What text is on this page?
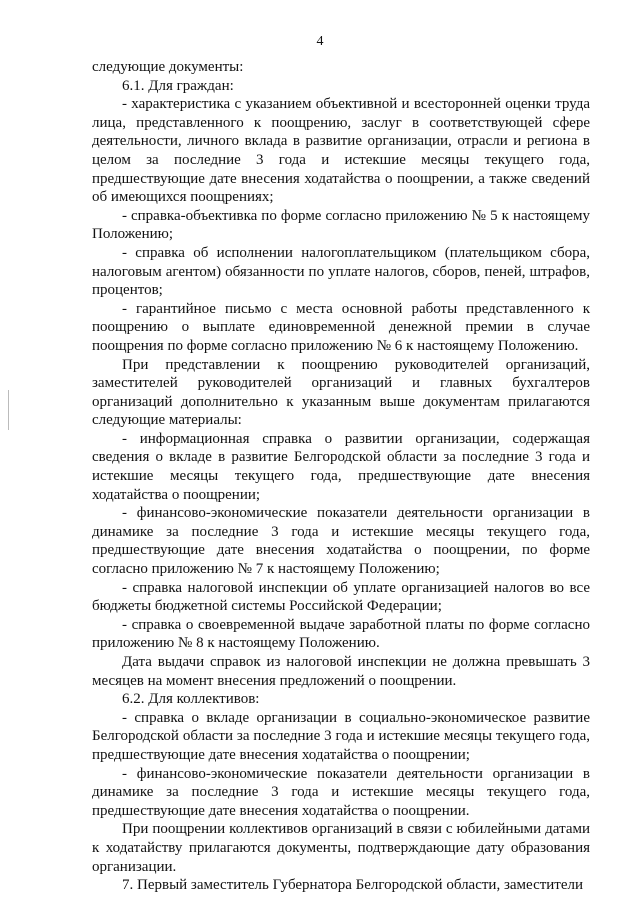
4

следующие документы:

6.1. Для граждан:

- характеристика с указанием объективной и всесторонней оценки труда лица, представленного к поощрению, заслуг в соответствующей сфере деятельности, личного вклада в развитие организации, отрасли и региона в целом за последние 3 года и истекшие месяцы текущего года, предшествующие дате внесения ходатайства о поощрении, а также сведений об имеющихся поощрениях;

- справка-объективка по форме согласно приложению № 5 к настоящему Положению;

- справка об исполнении налогоплательщиком (плательщиком сбора, налоговым агентом) обязанности по уплате налогов, сборов, пеней, штрафов, процентов;

- гарантийное письмо с места основной работы представленного к поощрению о выплате единовременной денежной премии в случае поощрения по форме согласно приложению № 6 к настоящему Положению.

При представлении к поощрению руководителей организаций, заместителей руководителей организаций и главных бухгалтеров организаций дополнительно к указанным выше документам прилагаются следующие материалы:

- информационная справка о развитии организации, содержащая сведения о вкладе в развитие Белгородской области за последние 3 года и истекшие месяцы текущего года, предшествующие дате внесения ходатайства о поощрении;

- финансово-экономические показатели деятельности организации в динамике за последние 3 года и истекшие месяцы текущего года, предшествующие дате внесения ходатайства о поощрении, по форме согласно приложению № 7 к настоящему Положению;

- справка налоговой инспекции об уплате организацией налогов во все бюджеты бюджетной системы Российской Федерации;

- справка о своевременной выдаче заработной платы по форме согласно приложению № 8 к настоящему Положению.

Дата выдачи справок из налоговой инспекции не должна превышать 3 месяцев на момент внесения предложений о поощрении.

6.2. Для коллективов:

- справка о вкладе организации в социально-экономическое развитие Белгородской области за последние 3 года и истекшие месяцы текущего года, предшествующие дате внесения ходатайства о поощрении;

- финансово-экономические показатели деятельности организации в динамике за последние 3 года и истекшие месяцы текущего года, предшествующие дате внесения ходатайства о поощрении.

При поощрении коллективов организаций в связи с юбилейными датами к ходатайству прилагаются документы, подтверждающие дату образования организации.

7. Первый заместитель Губернатора Белгородской области, заместители
